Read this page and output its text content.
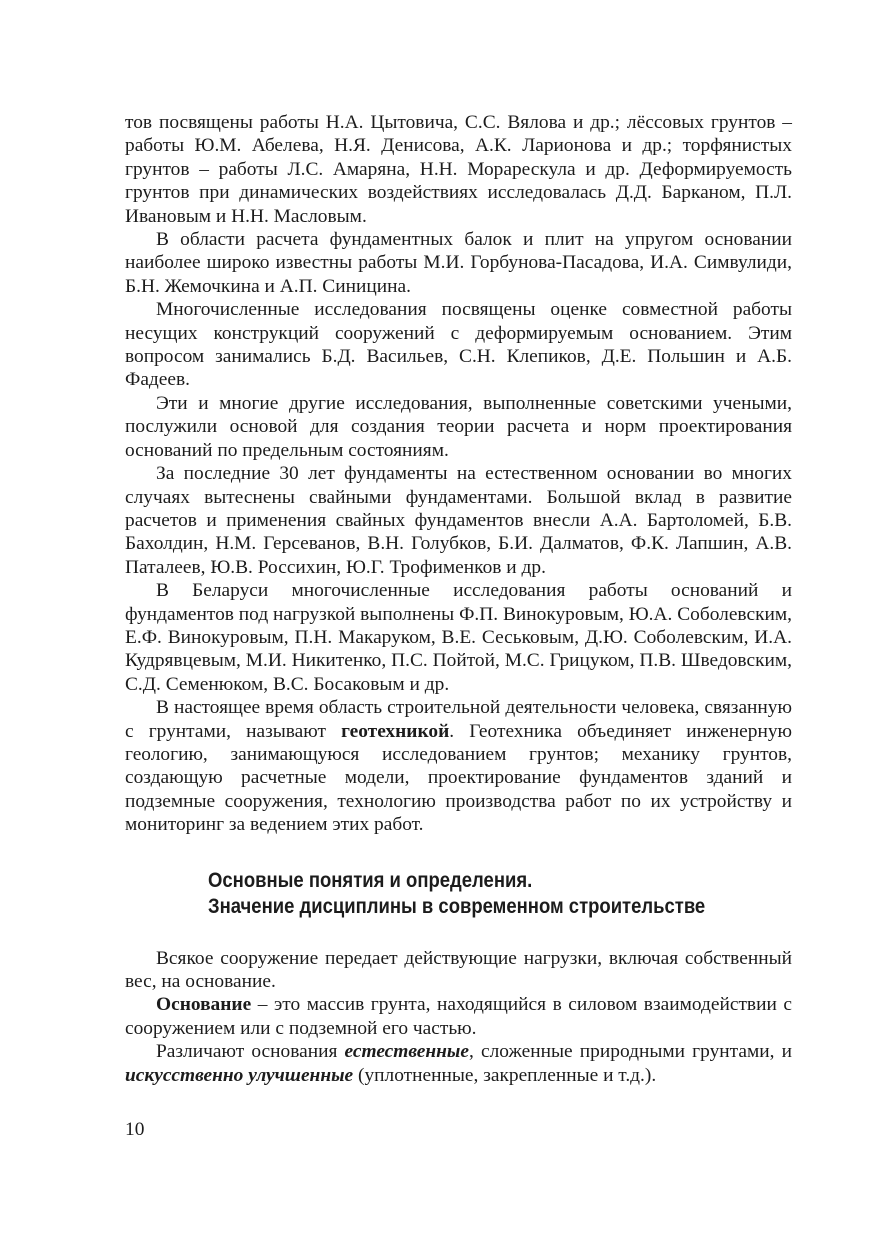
тов посвящены работы Н.А. Цытовича, С.С. Вялова и др.; лёссовых грунтов – работы Ю.М. Абелева, Н.Я. Денисова, А.К. Ларионова и др.; торфянистых грунтов – работы Л.С. Амаряна, Н.Н. Морарескула и др. Деформируемость грунтов при динамических воздействиях исследовалась Д.Д. Барканом, П.Л. Ивановым и Н.Н. Масловым.

В области расчета фундаментных балок и плит на упругом основании наиболее широко известны работы М.И. Горбунова-Пасадова, И.А. Симвулиди, Б.Н. Жемочкина и А.П. Синицина.

Многочисленные исследования посвящены оценке совместной работы несущих конструкций сооружений с деформируемым основанием. Этим вопросом занимались Б.Д. Васильев, С.Н. Клепиков, Д.Е. Польшин и А.Б. Фадеев.

Эти и многие другие исследования, выполненные советскими учеными, послужили основой для создания теории расчета и норм проектирования оснований по предельным состояниям.

За последние 30 лет фундаменты на естественном основании во многих случаях вытеснены свайными фундаментами. Большой вклад в развитие расчетов и применения свайных фундаментов внесли А.А. Бартоломей, Б.В. Бахолдин, Н.М. Герсеванов, В.Н. Голубков, Б.И. Далматов, Ф.К. Лапшин, А.В. Паталеев, Ю.В. Россихин, Ю.Г. Трофименков и др.

В Беларуси многочисленные исследования работы оснований и фундаментов под нагрузкой выполнены Ф.П. Винокуровым, Ю.А. Соболевским, Е.Ф. Винокуровым, П.Н. Макаруком, В.Е. Сеськовым, Д.Ю. Соболевским, И.А. Кудрявцевым, М.И. Никитенко, П.С. Пойтой, М.С. Грицуком, П.В. Шведовским, С.Д. Семенюком, В.С. Босаковым и др.

В настоящее время область строительной деятельности человека, связанную с грунтами, называют геотехникой. Геотехника объединяет инженерную геологию, занимающуюся исследованием грунтов; механику грунтов, создающую расчетные модели, проектирование фундаментов зданий и подземные сооружения, технологию производства работ по их устройству и мониторинг за ведением этих работ.

Основные понятия и определения.
Значение дисциплины в современном строительстве

Всякое сооружение передает действующие нагрузки, включая собственный вес, на основание.

Основание – это массив грунта, находящийся в силовом взаимодействии с сооружением или с подземной его частью.

Различают основания естественные, сложенные природными грунтами, и искусственно улучшенные (уплотненные, закрепленные и т.д.).

10
